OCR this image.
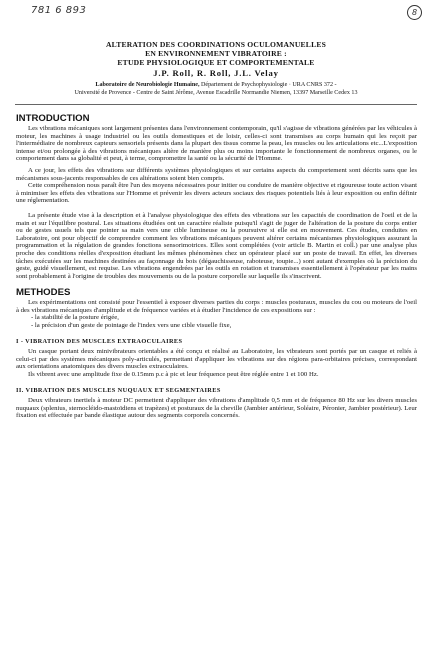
781 6 893	8
ALTERATION DES COORDINATIONS OCULOMANUELLES
EN ENVIRONNEMENT VIBRATOIRE :
ETUDE PHYSIOLOGIQUE ET COMPORTEMENTALE
J.P. Roll, R. Roll, J.L. Velay
Laboratoire de Neurobiologie Humaine, Département de Psychophysiologie · URA CNRS 372 -
Université de Provence - Centre de Saint Jérôme, Avenue Escadrille Normandie Niemen, 13397 Marseille Cedex 13
INTRODUCTION

Les vibrations mécaniques sont largement présentes dans l'environnement contemporain, qu'il s'agisse de vibrations générées par les véhicules à moteur, les machines à usage industriel ou les outils domestiques et de loisir, celles-ci sont transmises au corps humain qui les reçoit par l'intermédiaire de nombreux capteurs sensoriels présents dans la plupart des tissus comme la peau, les muscles ou les articulations etc...L'exposition intense et/ou prolongée à des vibrations mécaniques altère de manière plus ou moins importante le fonctionnement de nombreux organes, ou le comportement dans sa globalité et peut, à terme, compromettre la santé ou la sécurité de l'Homme.

A ce jour, les effets des vibrations sur différents systèmes physiologiques et sur certains aspects du comportement sont décrits sans que les mécanismes sous-jacents responsables de ces altérations soient bien compris.

Cette compréhension nous paraît être l'un des moyens nécessaires pour initier ou conduire de manière objective et rigoureuse toute action visant à minimiser les effets des vibrations sur l'Homme et prévenir les divers acteurs sociaux des risques potentiels liés à leur exposition ou enfin définir une réglementation.

La présente étude vise à la description et à l'analyse physiologique des effets des vibrations sur les capacités de coordination de l'oeil et de la main et sur l'équilibre postural. Les situations étudiées ont un caractère réaliste puisqu'il s'agit de juger de l'altération de la posture du corps entier ou de gestes usuels tels que pointer sa main vers une cible lumineuse ou la poursuivre si elle est en mouvement. Ces études, conduites en Laboratoire, ont pour objectif de comprendre comment les vibrations mécaniques peuvent altérer certains mécanismes physiologiques assurant la programmation et la régulation de grandes fonctions sensorimotrices. Elles sont complétées (voir article B. Martin et coll.) par une analyse plus proche des conditions réelles d'exposition étudiant les mêmes phénomènes chez un opérateur placé sur un poste de travail. En effet, les diverses tâches exécutées sur les machines destinées au façonnage du bois (dégauchisseuse, raboteuse, toupie...) sont autant d'exemples où la précision du geste, guidé visuellement, est requise. Les vibrations engendrées par les outils en rotation et transmises essentiellement à l'opérateur par les mains sont probablement à l'origine de troubles des mouvements ou de la posture corporelle sur laquelle ils s'inscrivent.

METHODES

Les expérimentations ont consisté pour l'essentiel à exposer diverses parties du corps : muscles posturaux, muscles du cou ou moteurs de l'oeil à des vibrations mécaniques d'amplitude et de fréquence variées et à étudier l'incidence de ces expositions sur :

- la stabilité de la posture érigée,

- la précision d'un geste de pointage de l'index vers une cible visuelle fixe,

I - VIBRATION DES MUSCLES EXTRAOCULAIRES

Un casque portant deux minivibrateurs orientables a été conçu et réalisé au Laboratoire, les vibrateurs sont portés par un casque et reliés à celui-ci par des systèmes mécaniques poly-articulés, permettant d'appliquer les vibrations sur des régions para-orbitaires précises, correspondant aux orientations anatomiques des divers muscles extraoculaires.

Ils vibrent avec une amplitude fixe de 0.15mm p.c à pic et leur fréquence peut être réglée entre 1 et 100 Hz.

II. VIBRATION DES MUSCLES NUQUAUX ET SEGMENTAIRES

Deux vibrateurs inertiels à moteur DC permettent d'appliquer des vibrations d'amplitude 0,5 mm et de fréquence 80 Hz sur les divers muscles nuquaux (splenius, sternocléido-mastoïdiens et trapèzes) et posturaux de la cheville (Jambier antérieur, Soléaire, Péronier, Jambier postérieur). Leur fixation est effectuée par bande élastique autour des segments corporels concernés.
